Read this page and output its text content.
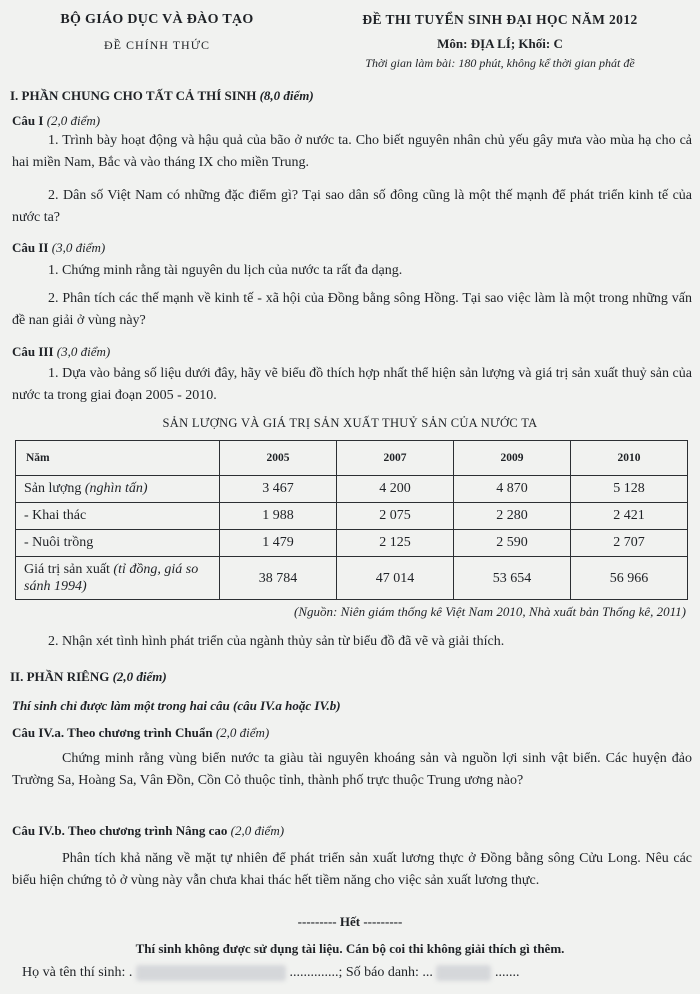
BỘ GIÁO DỤC VÀ ĐÀO TẠO
ĐỀ CHÍNH THỨC
ĐỀ THI TUYỂN SINH ĐẠI HỌC NĂM 2012
Môn: ĐỊA LÍ; Khối: C
Thời gian làm bài: 180 phút, không kể thời gian phát đề
I. PHẦN CHUNG CHO TẤT CẢ THÍ SINH (8,0 điểm)
Câu I (2,0 điểm)
1. Trình bày hoạt động và hậu quả của bão ở nước ta. Cho biết nguyên nhân chủ yếu gây mưa vào mùa hạ cho cả hai miền Nam, Bắc và vào tháng IX cho miền Trung.
2. Dân số Việt Nam có những đặc điểm gì? Tại sao dân số đông cũng là một thế mạnh để phát triển kinh tế của nước ta?
Câu II (3,0 điểm)
1. Chứng minh rằng tài nguyên du lịch của nước ta rất đa dạng.
2. Phân tích các thế mạnh về kinh tế - xã hội của Đồng bằng sông Hồng. Tại sao việc làm là một trong những vấn đề nan giải ở vùng này?
Câu III (3,0 điểm)
1. Dựa vào bảng số liệu dưới đây, hãy vẽ biểu đồ thích hợp nhất thể hiện sản lượng và giá trị sản xuất thuỷ sản của nước ta trong giai đoạn 2005 - 2010.
SẢN LƯỢNG VÀ GIÁ TRỊ SẢN XUẤT THUỶ SẢN CỦA NƯỚC TA
Năm	2005	2007	2009	2010
Sản lượng (nghìn tấn)	3 467	4 200	4 870	5 128
- Khai thác	1 988	2 075	2 280	2 421
- Nuôi trồng	1 479	2 125	2 590	2 707
Giá trị sản xuất (tỉ đồng, giá so sánh 1994)	38 784	47 014	53 654	56 966
(Nguồn: Niên giám thống kê Việt Nam 2010, Nhà xuất bản Thống kê, 2011)
2. Nhận xét tình hình phát triển của ngành thủy sản từ biểu đồ đã vẽ và giải thích.
II. PHẦN RIÊNG (2,0 điểm)
Thí sinh chỉ được làm một trong hai câu (câu IV.a hoặc IV.b)
Câu IV.a. Theo chương trình Chuẩn (2,0 điểm)
Chứng minh rằng vùng biển nước ta giàu tài nguyên khoáng sản và nguồn lợi sinh vật biển. Các huyện đảo Trường Sa, Hoàng Sa, Vân Đồn, Cồn Cỏ thuộc tỉnh, thành phố trực thuộc Trung ương nào?
Câu IV.b. Theo chương trình Nâng cao (2,0 điểm)
Phân tích khả năng về mặt tự nhiên để phát triển sản xuất lương thực ở Đồng bằng sông Cửu Long. Nêu các biểu hiện chứng tỏ ở vùng này vẫn chưa khai thác hết tiềm năng cho việc sản xuất lương thực.
--------- Hết ---------
Thí sinh không được sử dụng tài liệu. Cán bộ coi thi không giải thích gì thêm.
Họ và tên thí sinh: .	..............; Số báo danh: ...	.......
